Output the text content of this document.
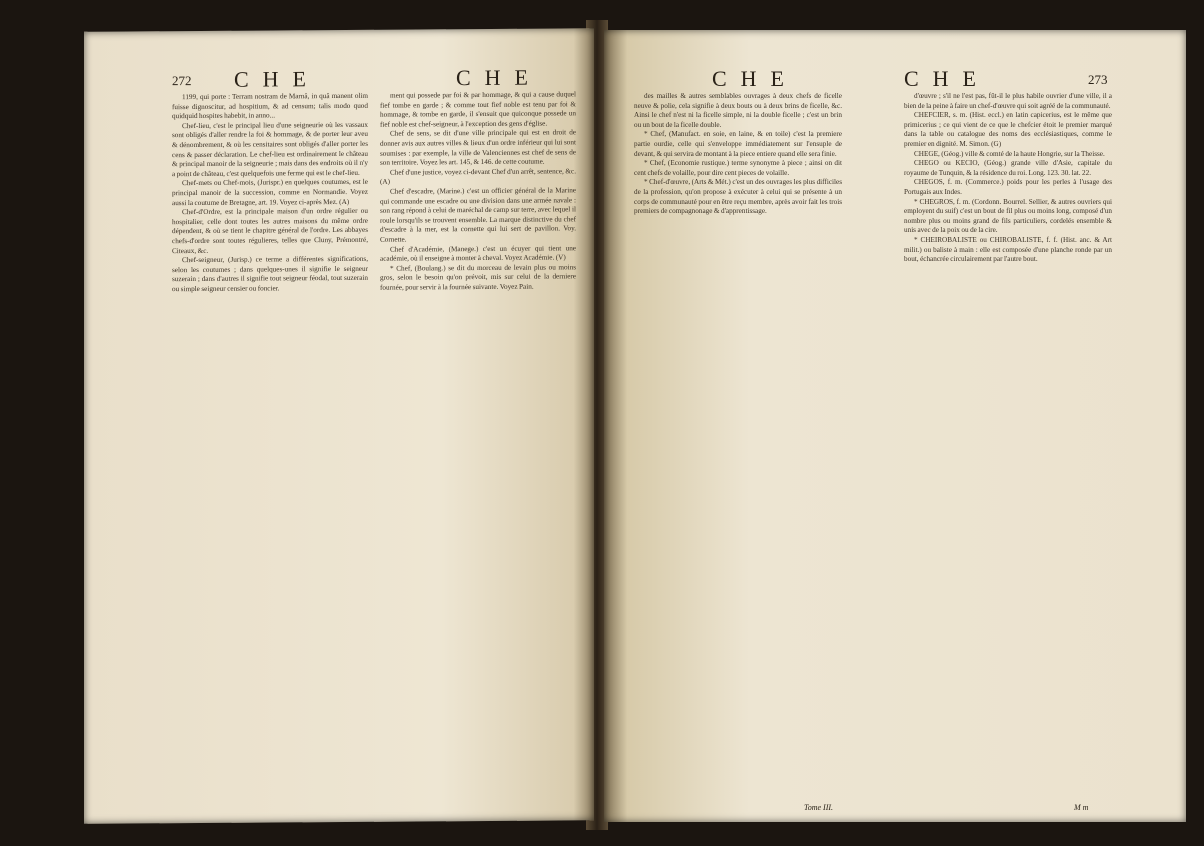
272 CHE	CHE

1199, qui porte : Terram nostram de Marnâ, in quâ manent olim fuisse dignoscitur, ad hospitium, & ad censum; talis modo quod quidquid hospites habebit, in anno...

Chef-lieu, c'est le principal lieu d'une seigneurie où les vassaux sont obligés d'aller rendre la foi & hommage, & de porter leur aveu & dénombrement, & où les censitaires sont obligés d'aller porter les cens & passer déclaration. Le chef-lieu est ordinairement le château & principal manoir de la seigneurie ; mais dans des endroits où il n'y a point de château, c'est quelquefois une ferme qui est le chef-lieu.

Chef-mets ou Chef-mois, (Jurispr.) en quelques coutumes, est le principal manoir de la succession, comme en Normandie. Voyez aussi la coutume de Bretagne, art. 19. Voyez ci-après Mez. (A)

Chef-d'Ordre, est la principale maison d'un ordre régulier ou hospitalier, celle dont toutes les autres maisons du même ordre dépendent, & où se tient le chapitre général de l'ordre. Les abbayes chefs-d'ordre sont toutes régulieres, telles que Cluny, Prémontré, Citeaux, &c.

Chef-seigneur, (Jurisp.) ce terme a différentes significations, selon les coutumes ; dans quelques-unes il signifie le seigneur suzerain ; dans d'autres il signifie tout seigneur féodal, tout suzerain ou simple seigneur censier ou foncier.

ment qui possede par foi & par hommage, & qui a cause duquel fief tombe en garde ; & comme tout fief noble est tenu par foi & hommage, & tombe en garde, il s'ensuit que quiconque possede un fief noble est chef-seigneur, à l'exception des gens d'église.

Chef de sens, se dit d'une ville principale qui est en droit de donner avis aux autres villes & lieux d'un ordre inférieur qui lui sont soumises : par exemple, la ville de Valenciennes est chef de sens de son territoire. Voyez les art. 145, & 146. de cette coutume.

Chef d'une justice, voyez ci-devant Chef d'un arrêt, sentence, &c. (A)

Chef d'escadre, (Marine.) c'est un officier général de la Marine qui commande une escadre ou une division dans une armée navale : son rang répond à celui de maréchal de camp sur terre, avec lequel il roule lorsqu'ils se trouvent ensemble. La marque distinctive du chef d'escadre à la mer, est la cornette qui lui sert de pavillon. Voy. Cornette.

Chef d'Académie, (Manege.) c'est un écuyer qui tient une académie, où il enseigne à monter à cheval. Voyez Académie. (V)

* Chef, (Boulang.) se dit du morceau de levain plus ou moins gros, selon le besoin qu'on prévoit, mis sur celui de la derniere fournée, pour servir à la fournée suivante. Voyez Pain.

CHE	CHE	273

des mailles & autres semblables ouvrages à deux chefs de ficelle neuve & polie, cela signifie à deux bouts ou à deux brins de ficelle, &c. Ainsi le chef n'est ni la ficelle simple, ni la double ficelle ; c'est un brin ou un bout de la ficelle double.

* Chef, (Manufact. en soie, en laine, & en toile) c'est la premiere partie ourdie, celle qui s'enveloppe immédiatement sur l'ensuple de devant, & qui servira de montant à la piece entiere quand elle sera finie.

* Chef, (Economie rustique.) terme synonyme à piece ; ainsi on dit cent chefs de volaille, pour dire cent pieces de volaille.

* Chef-d'œuvre, (Arts & Mét.) c'est un des ouvrages les plus difficiles de la profession, qu'on propose à exécuter à celui qui se présente à un corps de communauté pour en être reçu membre, après avoir fait les trois premiers de compagnonage & d'apprentissage.

d'œuvre ; s'il ne l'est pas, fût-il le plus habile ouvrier d'une ville, il a bien de la peine à faire un chef-d'œuvre qui soit agréé de la communauté.

CHEFCIER, s. m. (Hist. eccl.) en latin capicerius, est le même que primicerius ; ce qui vient de ce que le chefcier étoit le premier marqué dans la table ou catalogue des noms des ecclésiastiques, comme le premier en dignité. M. Simon. (G)

CHEGE, (Géog.) ville & comté de la haute Hongrie, sur la Theisse.

CHEGO ou KECIO, (Géog.) grande ville d'Asie, capitale du royaume de Tunquin, & la résidence du roi. Long. 123. 30. lat. 22.

CHEGOS, f. m. (Commerce.) poids pour les perles à l'usage des Portugais aux Indes.

* CHEGROS, f. m. (Cordonn. Bourrel. Sellier, & autres ouvriers qui employent du suif) c'est un bout de fil plus ou moins long, composé d'un nombre plus ou moins grand de fils particuliers, cordelés ensemble & unis avec de la poix ou de la cire.

* CHEIROBALISTE ou CHIROBALISTE, f. f. (Hist. anc. & Art milit.) ou baliste à main : elle est composée d'une planche ronde par un bout, échancrée circulairement par l'autre bout.

Tome III.	M m
